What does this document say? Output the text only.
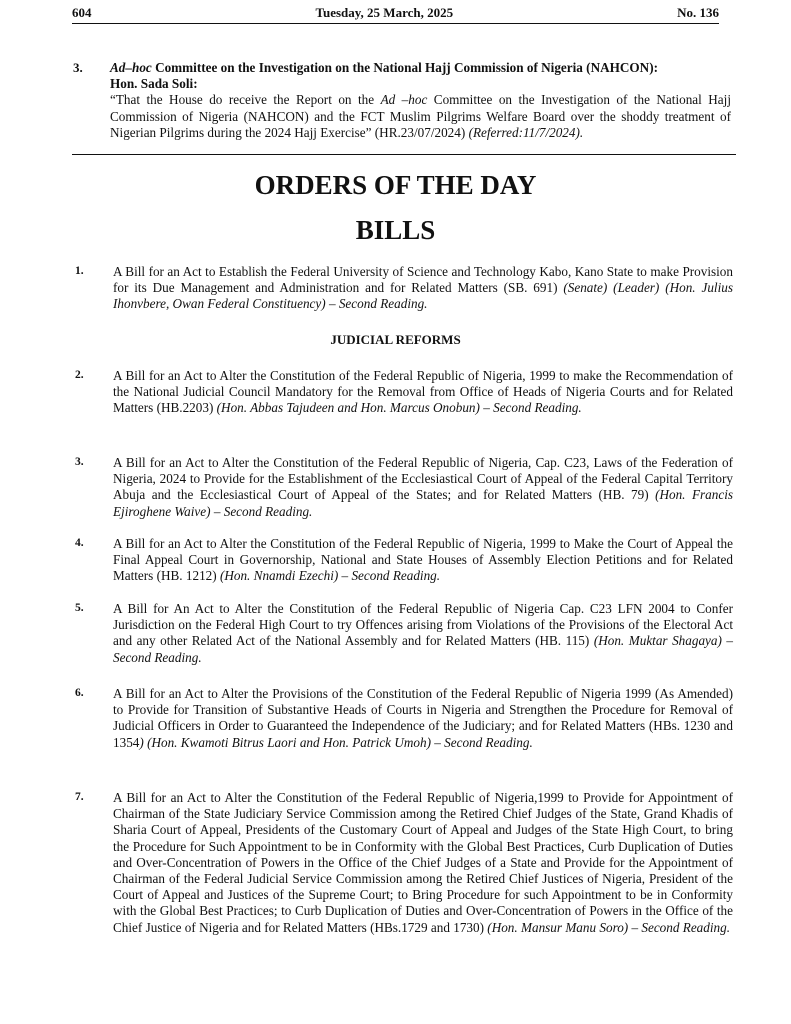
604	Tuesday, 25 March, 2025	No. 136
3. Ad–hoc Committee on the Investigation on the National Hajj Commission of Nigeria (NAHCON):
Hon. Sada Soli:
“That the House do receive the Report on the Ad –hoc Committee on the Investigation of the National Hajj Commission of Nigeria (NAHCON) and the FCT Muslim Pilgrims Welfare Board over the shoddy treatment of Nigerian Pilgrims during the 2024 Hajj Exercise” (HR.23/07/2024) (Referred:11/7/2024).
ORDERS OF THE DAY
BILLS
1.	A Bill for an Act to Establish the Federal University of Science and Technology Kabo, Kano State to make Provision for its Due Management and Administration and for Related Matters (SB. 691) (Senate) (Leader) (Hon. Julius Ihonvbere, Owan Federal Constituency) – Second Reading.
JUDICIAL REFORMS
2.	A Bill for an Act to Alter the Constitution of the Federal Republic of Nigeria, 1999 to make the Recommendation of the National Judicial Council Mandatory for the Removal from Office of Heads of Nigeria Courts and for Related Matters (HB.2203) (Hon. Abbas Tajudeen and Hon. Marcus Onobun) – Second Reading.
3.	A Bill for an Act to Alter the Constitution of the Federal Republic of Nigeria, Cap. C23, Laws of the Federation of Nigeria, 2024 to Provide for the Establishment of the Ecclesiastical Court of Appeal of the Federal Capital Territory Abuja and the Ecclesiastical Court of Appeal of the States; and for Related Matters (HB. 79) (Hon. Francis Ejiroghene Waive) – Second Reading.
4.	A Bill for an Act to Alter the Constitution of the Federal Republic of Nigeria, 1999 to Make the Court of Appeal the Final Appeal Court in Governorship, National and State Houses of Assembly Election Petitions and for Related Matters (HB. 1212) (Hon. Nnamdi Ezechi) – Second Reading.
5.	A Bill for An Act to Alter the Constitution of the Federal Republic of Nigeria Cap. C23 LFN 2004 to Confer Jurisdiction on the Federal High Court to try Offences arising from Violations of the Provisions of the Electoral Act and any other Related Act of the National Assembly and for Related Matters (HB. 115) (Hon. Muktar Shagaya) – Second Reading.
6.	A Bill for an Act to Alter the Provisions of the Constitution of the Federal Republic of Nigeria 1999 (As Amended) to Provide for Transition of Substantive Heads of Courts in Nigeria and Strengthen the Procedure for Removal of Judicial Officers in Order to Guaranteed the Independence of the Judiciary; and for Related Matters (HBs. 1230 and 1354) (Hon. Kwamoti Bitrus Laori and Hon. Patrick Umoh) – Second Reading.
7.	A Bill for an Act to Alter the Constitution of the Federal Republic of Nigeria,1999 to Provide for Appointment of Chairman of the State Judiciary Service Commission among the Retired Chief Judges of the State, Grand Khadis of Sharia Court of Appeal, Presidents of the Customary Court of Appeal and Judges of the State High Court, to bring the Procedure for Such Appointment to be in Conformity with the Global Best Practices, Curb Duplication of Duties and Over-Concentration of Powers in the Office of the Chief Judges of a State and Provide for the Appointment of Chairman of the Federal Judicial Service Commission among the Retired Chief Justices of Nigeria, President of the Court of Appeal and Justices of the Supreme Court; to Bring Procedure for such Appointment to be in Conformity with the Global Best Practices; to Curb Duplication of Duties and Over-Concentration of Powers in the Office of the Chief Justice of Nigeria and for Related Matters (HBs.1729 and 1730) (Hon. Mansur Manu Soro) – Second Reading.
